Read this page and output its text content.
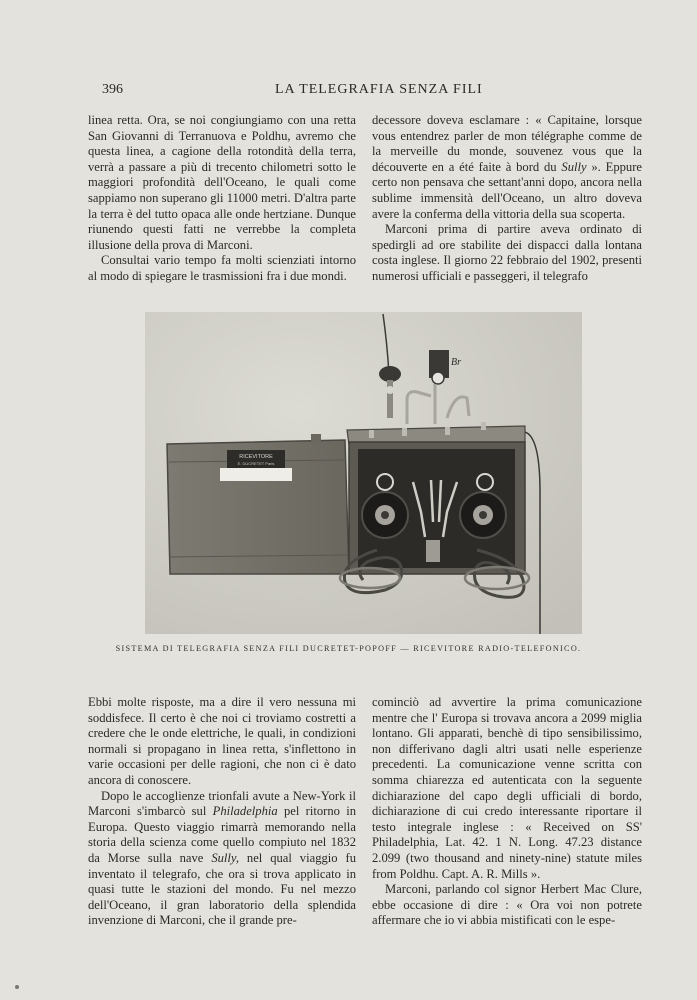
396	LA TELEGRAFIA SENZA FILI

linea retta. Ora, se noi congiungiamo con una retta San Giovanni di Terranuova e Poldhu, avremo che questa linea, a cagione della rotondità della terra, verrà a passare a più di trecento chilometri sotto le maggiori profondità dell'Oceano, le quali come sappiamo non superano gli 11000 metri. D'altra parte la terra è del tutto opaca alle onde hertziane. Dunque riunendo questi fatti ne verrebbe la completa illusione della prova di Marconi.

Consultai vario tempo fa molti scienziati intorno al modo di spiegare le trasmissioni fra i due mondi.

decessore doveva esclamare : « Capitaine, lorsque vous entendrez parler de mon télégraphe comme de la merveille du monde, souvenez vous que la découverte en a été faite à bord du Sully ». Eppure certo non pensava che settant'anni dopo, ancora nella sublime immensità dell'Oceano, un altro doveva avere la conferma della vittoria della sua scoperta.

Marconi prima di partire aveva ordinato di spedirgli ad ore stabilite dei dispacci dalla lontana costa inglese. Il giorno 22 febbraio del 1902, presenti numerosi ufficiali e passeggeri, il telegrafo

RICEVITORE
E. DUCRETET Paris
Br
SISTEMA DI TELEGRAFIA SENZA FILI DUCRETET-POPOFF — RICEVITORE RADIO-TELEFONICO.

Ebbi molte risposte, ma a dire il vero nessuna mi soddisfece. Il certo è che noi ci troviamo costretti a credere che le onde elettriche, le quali, in condizioni normali si propagano in linea retta, s'inflettono in varie occasioni per delle ragioni, che non ci è dato ancora di conoscere.

Dopo le accoglienze trionfali avute a New-York il Marconi s'imbarcò sul Philadelphia pel ritorno in Europa. Questo viaggio rimarrà memorando nella storia della scienza come quello compiuto nel 1832 da Morse sulla nave Sully, nel qual viaggio fu inventato il telegrafo, che ora si trova applicato in quasi tutte le stazioni del mondo. Fu nel mezzo dell'Oceano, il gran laboratorio della splendida invenzione di Marconi, che il grande pre-

cominciò ad avvertire la prima comunicazione mentre che l' Europa si trovava ancora a 2099 miglia lontano. Gli apparati, benchè di tipo sensibilissimo, non differivano dagli altri usati nelle esperienze precedenti. La comunicazione venne scritta con somma chiarezza ed autenticata con la seguente dichiarazione del capo degli ufficiali di bordo, dichiarazione di cui credo interessante riportare il testo integrale inglese : « Received on SS' Philadelphia, Lat. 42. 1 N. Long. 47.23 distance 2.099 (two thousand and ninety-nine) statute miles from Poldhu. Capt. A. R. Mills ».

Marconi, parlando col signor Herbert Mac Clure, ebbe occasione di dire : « Ora voi non potrete affermare che io vi abbia mistificati con le espe-
